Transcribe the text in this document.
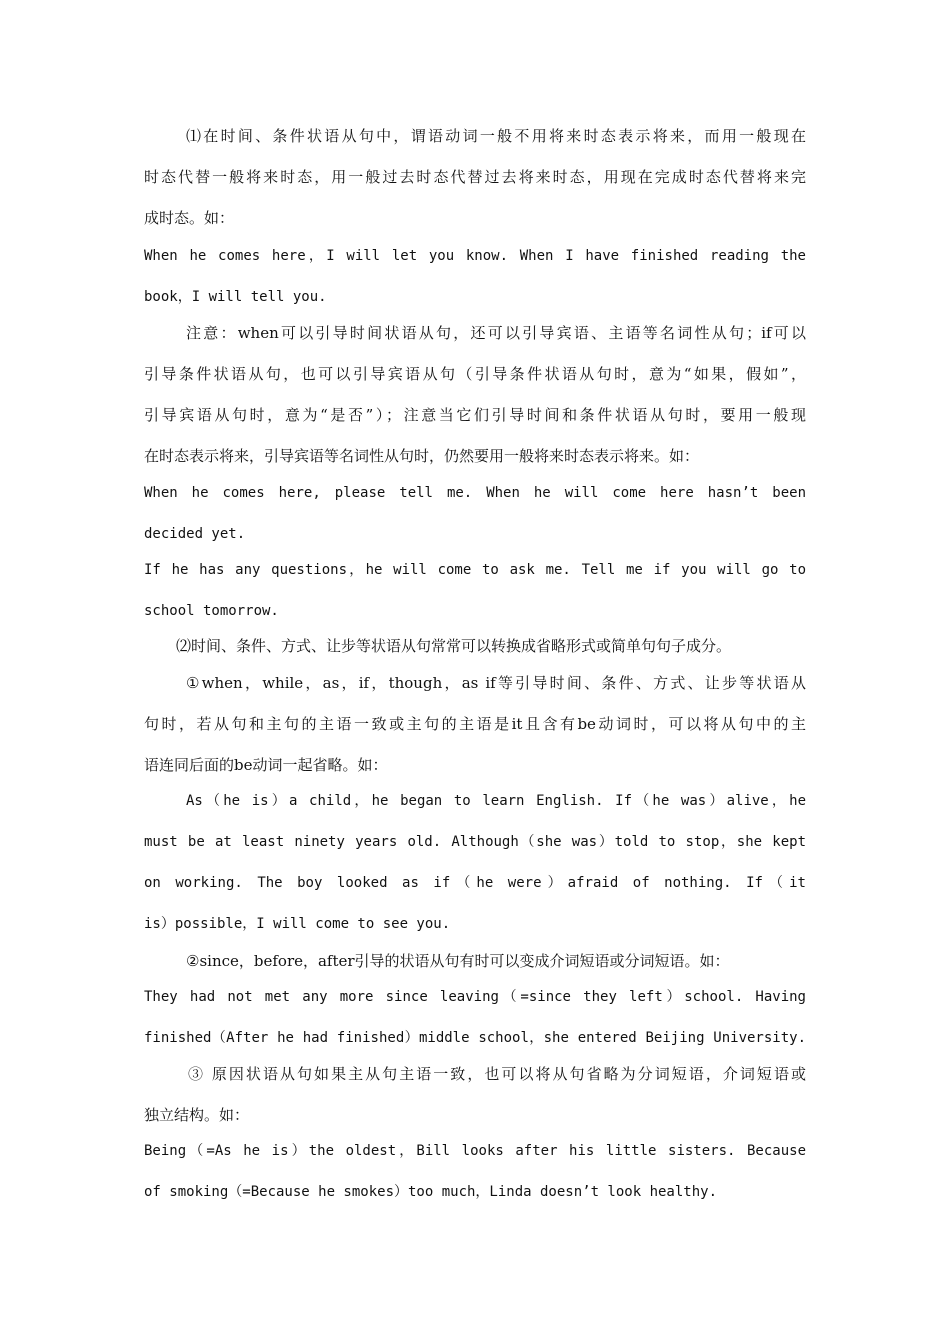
⑴在时间、条件状语从句中，谓语动词一般不用将来时态表示将来，而用一般现在

时态代替一般将来时态，用一般过去时态代替过去将来时态，用现在完成时态代替将来完

成时态。如：

When he comes here，I will let you know. When I have finished reading the

book，I will tell you.

注意：when可以引导时间状语从句，还可以引导宾语、主语等名词性从句；if可以

引导条件状语从句，也可以引导宾语从句（引导条件状语从句时，意为“如果，假如”，

引导宾语从句时，意为“是否”）；注意当它们引导时间和条件状语从句时，要用一般现

在时态表示将来，引导宾语等名词性从句时，仍然要用一般将来时态表示将来。如：

When he comes here, please tell me. When he will come here hasn’t been

decided yet.

If he has any questions，he will come to ask me. Tell me if you will go to

school tomorrow.

⑵时间、条件、方式、让步等状语从句常常可以转换成省略形式或简单句句子成分。

①when，while，as，if，though，as if等引导时间、条件、方式、让步等状语从

句时，若从句和主句的主语一致或主句的主语是it且含有be动词时，可以将从句中的主

语连同后面的be动词一起省略。如：

As（he is）a child，he began to learn English. If（he was）alive，he

must be at least ninety years old. Although（she was）told to stop，she kept

on working. The boy looked as if（he were）afraid of nothing. If（it

is）possible，I will come to see you.

②since，before，after引导的状语从句有时可以变成介词短语或分词短语。如：

They had not met any more since leaving（=since they left）school. Having

finished（After he had finished）middle school，she entered Beijing University.

③ 原因状语从句如果主从句主语一致，也可以将从句省略为分词短语，介词短语或

独立结构。如：

Being（=As he is）the oldest，Bill looks after his little sisters. Because

of smoking（=Because he smokes）too much，Linda doesn’t look healthy.
